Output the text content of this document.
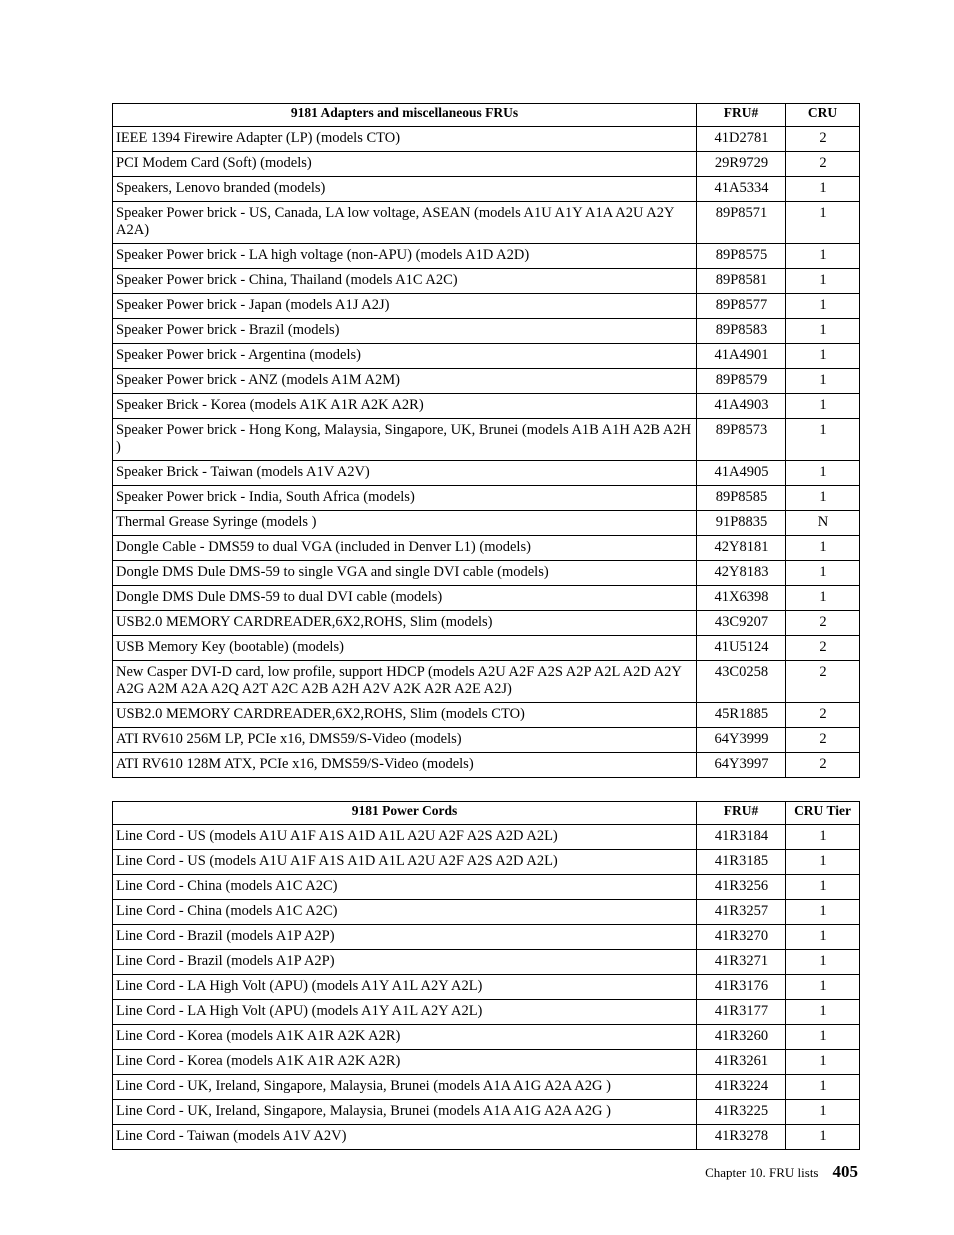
9181 Adapters and miscellaneous FRUs	FRU#	CRU
IEEE 1394 Firewire Adapter (LP) (models CTO)	41D2781	2
PCI Modem Card (Soft) (models)	29R9729	2
Speakers, Lenovo branded (models)	41A5334	1
Speaker Power brick - US, Canada, LA low voltage, ASEAN (models A1U A1Y A1A A2U A2Y A2A)	89P8571	1
Speaker Power brick - LA high voltage (non-APU) (models A1D A2D)	89P8575	1
Speaker Power brick - China, Thailand (models A1C A2C)	89P8581	1
Speaker Power brick - Japan (models A1J A2J)	89P8577	1
Speaker Power brick - Brazil (models)	89P8583	1
Speaker Power brick - Argentina (models)	41A4901	1
Speaker Power brick - ANZ (models A1M A2M)	89P8579	1
Speaker Brick - Korea (models A1K A1R A2K A2R)	41A4903	1
Speaker Power brick - Hong Kong, Malaysia, Singapore, UK, Brunei (models A1B A1H A2B A2H )	89P8573	1
Speaker Brick - Taiwan (models A1V A2V)	41A4905	1
Speaker Power brick - India, South Africa (models)	89P8585	1
Thermal Grease Syringe (models )	91P8835	N
Dongle Cable - DMS59 to dual VGA (included in Denver L1) (models)	42Y8181	1
Dongle DMS Dule DMS-59 to single VGA and single DVI cable (models)	42Y8183	1
Dongle DMS Dule DMS-59 to dual DVI cable (models)	41X6398	1
USB2.0 MEMORY CARDREADER,6X2,ROHS, Slim (models)	43C9207	2
USB Memory Key (bootable) (models)	41U5124	2
New Casper DVI-D card, low profile, support HDCP (models A2U A2F A2S A2P A2L A2D A2Y A2G A2M A2A A2Q A2T A2C A2B A2H A2V A2K A2R A2E A2J)	43C0258	2
USB2.0 MEMORY CARDREADER,6X2,ROHS, Slim (models CTO)	45R1885	2
ATI RV610 256M LP, PCIe x16, DMS59/S-Video (models)	64Y3999	2
ATI RV610 128M ATX, PCIe x16, DMS59/S-Video (models)	64Y3997	2
9181 Power Cords	FRU#	CRU Tier
Line Cord - US (models A1U A1F A1S A1D A1L A2U A2F A2S A2D A2L)	41R3184	1
Line Cord - US (models A1U A1F A1S A1D A1L A2U A2F A2S A2D A2L)	41R3185	1
Line Cord - China (models A1C A2C)	41R3256	1
Line Cord - China (models A1C A2C)	41R3257	1
Line Cord - Brazil (models A1P A2P)	41R3270	1
Line Cord - Brazil (models A1P A2P)	41R3271	1
Line Cord - LA High Volt (APU) (models A1Y A1L A2Y A2L)	41R3176	1
Line Cord - LA High Volt (APU) (models A1Y A1L A2Y A2L)	41R3177	1
Line Cord - Korea (models A1K A1R A2K A2R)	41R3260	1
Line Cord - Korea (models A1K A1R A2K A2R)	41R3261	1
Line Cord - UK, Ireland, Singapore, Malaysia, Brunei (models A1A A1G A2A A2G )	41R3224	1
Line Cord - UK, Ireland, Singapore, Malaysia, Brunei (models A1A A1G A2A A2G )	41R3225	1
Line Cord - Taiwan (models A1V A2V)	41R3278	1
Chapter 10. FRU lists 405
